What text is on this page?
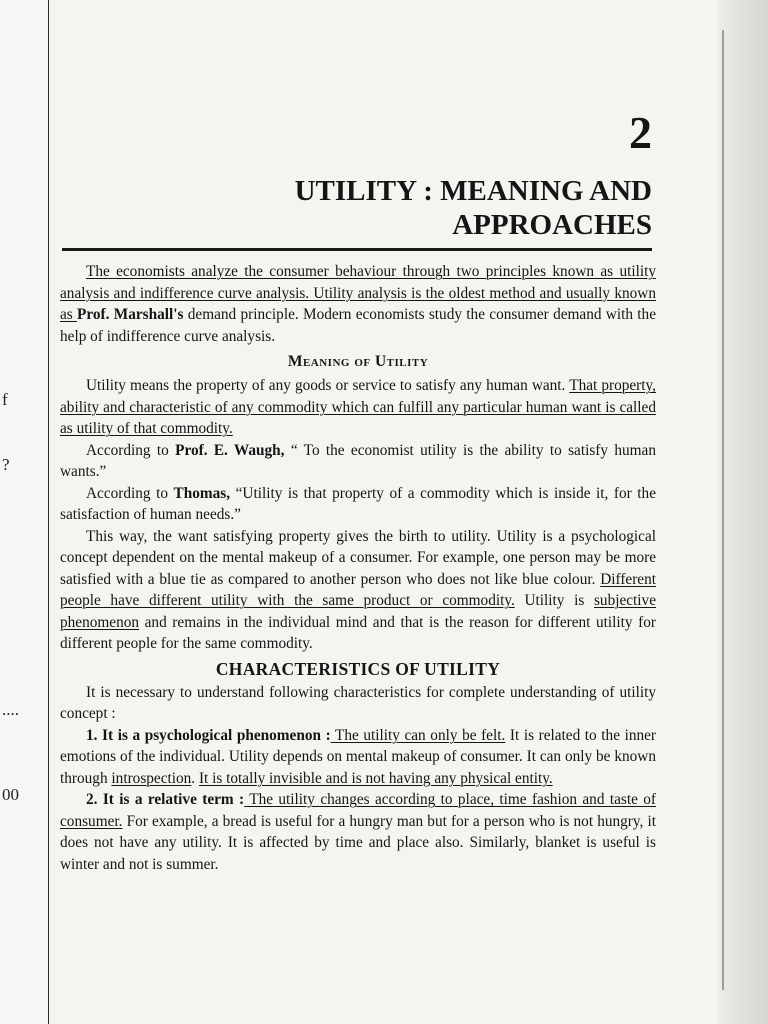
f
?
....
00
2
UTILITY : MEANING AND
APPROACHES

The economists analyze the consumer behaviour through two principles known as utility analysis and indifference curve analysis. Utility analysis is the oldest method and usually known as Prof. Marshall's demand principle. Modern economists study the consumer demand with the help of indifference curve analysis.

Meaning of Utility

Utility means the property of any goods or service to satisfy any human want. That property, ability and characteristic of any commodity which can fulfill any particular human want is called as utility of that commodity.

According to Prof. E. Waugh, “ To the economist utility is the ability to satisfy human wants.”

According to Thomas, “Utility is that property of a commodity which is inside it, for the satisfaction of human needs.”

This way, the want satisfying property gives the birth to utility. Utility is a psychological concept dependent on the mental makeup of a consumer. For example, one person may be more satisfied with a blue tie as compared to another person who does not like blue colour. Different people have different utility with the same product or commodity. Utility is subjective phenomenon and remains in the individual mind and that is the reason for different utility for different people for the same commodity.

CHARACTERISTICS OF UTILITY

It is necessary to understand following characteristics for complete understanding of utility concept :

1. It is a psychological phenomenon : The utility can only be felt. It is related to the inner emotions of the individual. Utility depends on mental makeup of consumer. It can only be known through introspection. It is totally invisible and is not having any physical entity.

2. It is a relative term : The utility changes according to place, time fashion and taste of consumer. For example, a bread is useful for a hungry man but for a person who is not hungry, it does not have any utility. It is affected by time and place also. Similarly, blanket is useful is winter and not is summer.
